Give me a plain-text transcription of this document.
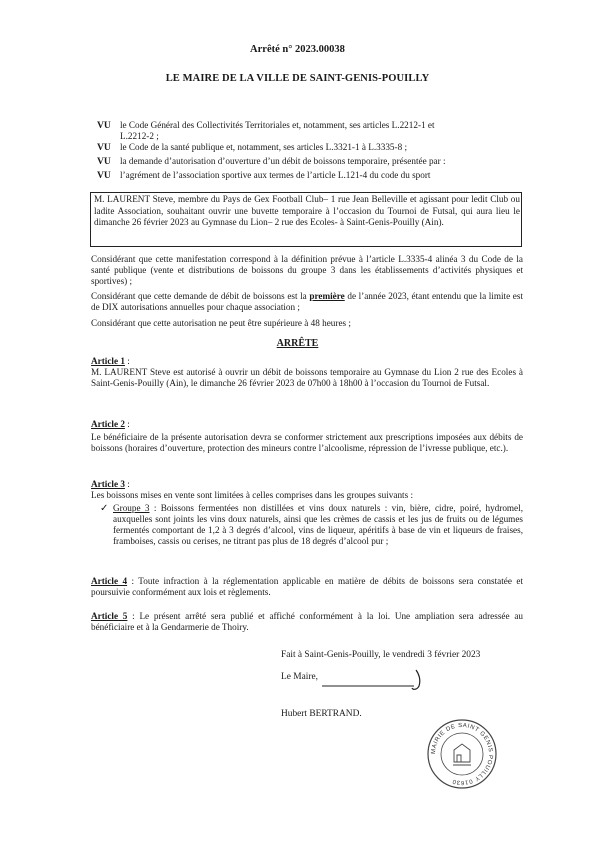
Arrêté n° 2023.00038
LE MAIRE DE LA VILLE DE SAINT-GENIS-POUILLY
VU le Code Général des Collectivités Territoriales et, notamment, ses articles L.2212-1 et
L.2212-2 ;
VU le Code de la santé publique et, notamment, ses articles L.3321-1 à L.3335-8 ;
VU la demande d’autorisation d’ouverture d’un débit de boissons temporaire, présentée par :
VU l’agrément de l’association sportive aux termes de l’article L.121-4 du code du sport
M. LAURENT Steve, membre du Pays de Gex Football Club– 1 rue Jean Belleville et agissant pour ledit Club ou ladite Association, souhaitant ouvrir une buvette temporaire à l’occasion du Tournoi de Futsal, qui aura lieu le dimanche 26 février 2023 au Gymnase du Lion– 2 rue des Ecoles- à Saint-Genis-Pouilly (Ain).
Considérant que cette manifestation correspond à la définition prévue à l’article L.3335-4 alinéa 3 du Code de la santé publique (vente et distributions de boissons du groupe 3 dans les établissements d’activités physiques et sportives) ;
Considérant que cette demande de débit de boissons est la première de l’année 2023, étant entendu que la limite est de DIX autorisations annuelles pour chaque association ;
Considérant que cette autorisation ne peut être supérieure à 48 heures ;
ARRÊTE
Article 1 :
M. LAURENT Steve est autorisé à ouvrir un débit de boissons temporaire au Gymnase du Lion 2 rue des Ecoles à Saint-Genis-Pouilly (Ain), le dimanche 26 février 2023 de 07h00 à 18h00 à l’occasion du Tournoi de Futsal.
Article 2 :
Le bénéficiaire de la présente autorisation devra se conformer strictement aux prescriptions imposées aux débits de boissons (horaires d’ouverture, protection des mineurs contre l’alcoolisme, répression de l’ivresse publique, etc.).
Article 3 :
Les boissons mises en vente sont limitées à celles comprises dans les groupes suivants :
✓ Groupe 3 : Boissons fermentées non distillées et vins doux naturels : vin, bière, cidre, poiré, hydromel, auxquelles sont joints les vins doux naturels, ainsi que les crèmes de cassis et les jus de fruits ou de légumes fermentés comportant de 1,2 à 3 degrés d’alcool, vins de liqueur, apéritifs à base de vin et liqueurs de fraises, framboises, cassis ou cerises, ne titrant pas plus de 18 degrés d’alcool pur ;
Article 4 : Toute infraction à la réglementation applicable en matière de débits de boissons sera constatée et poursuivie conformément aux lois et règlements.
Article 5 : Le présent arrêté sera publié et affiché conformément à la loi. Une ampliation sera adressée au bénéficiaire et à la Gendarmerie de Thoiry.
Fait à Saint-Genis-Pouilly, le vendredi 3 février 2023
Le Maire,
Hubert BERTRAND.
MAIRIE DE SAINT GENIS POUILLY 01630
